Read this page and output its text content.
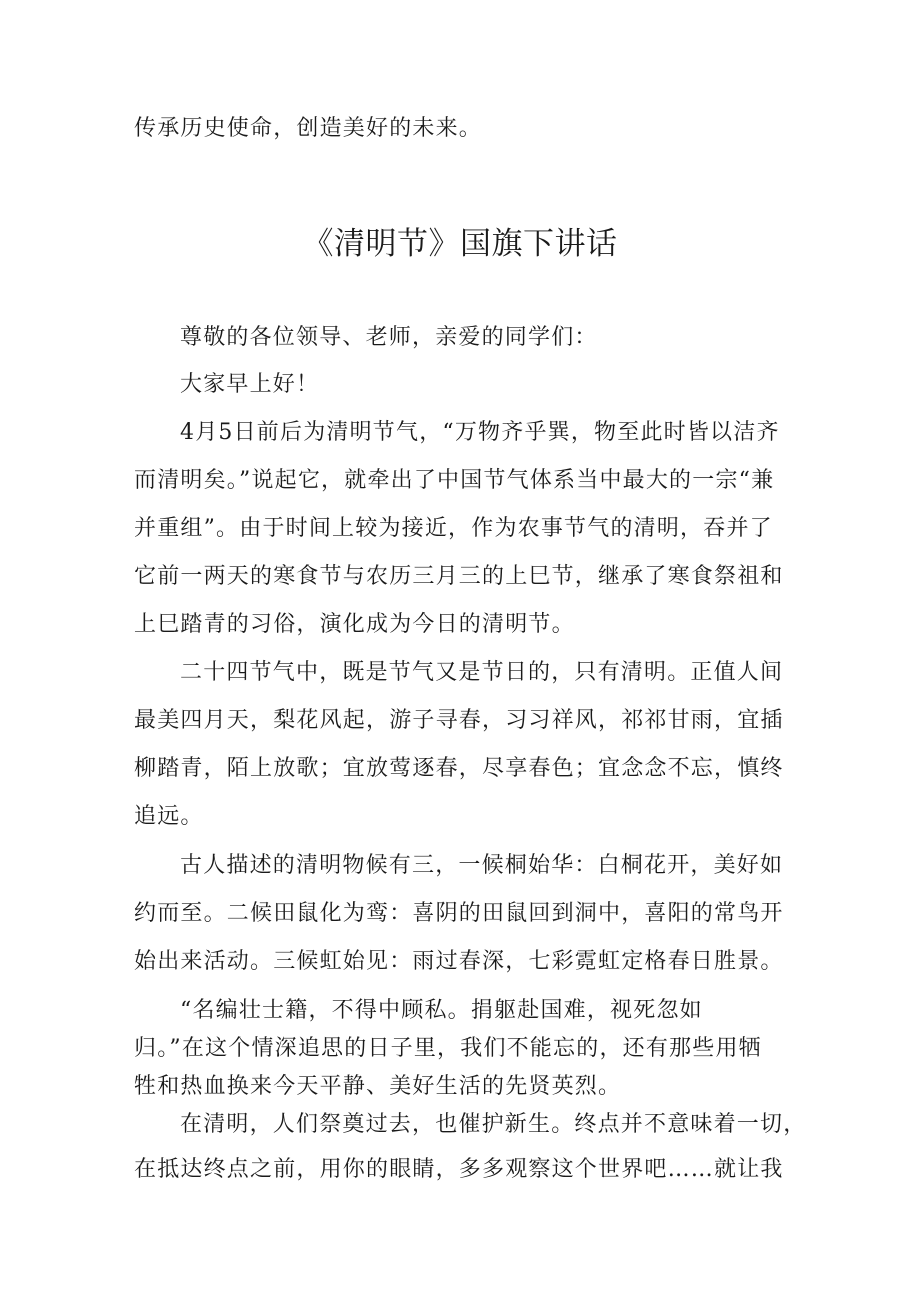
传承历史使命，创造美好的未来。
《清明节》国旗下讲话
尊敬的各位领导、老师，亲爱的同学们：
大家早上好！
4月5日前后为清明节气，“万物齐乎巽，物至此时皆以洁齐
而清明矣。”说起它，就牵出了中国节气体系当中最大的一宗“兼
并重组”。由于时间上较为接近，作为农事节气的清明，吞并了
它前一两天的寒食节与农历三月三的上巳节，继承了寒食祭祖和
上巳踏青的习俗，演化成为今日的清明节。
二十四节气中，既是节气又是节日的，只有清明。正值人间
最美四月天，梨花风起，游子寻春，习习祥风，祁祁甘雨，宜插
柳踏青，陌上放歌；宜放莺逐春，尽享春色；宜念念不忘，慎终
追远。
古人描述的清明物候有三，一候桐始华：白桐花开，美好如
约而至。二候田鼠化为鸾：喜阴的田鼠回到洞中，喜阳的常鸟开
始出来活动。三候虹始见：雨过春深，七彩霓虹定格春日胜景。
“名编壮士籍，不得中顾私。捐躯赴国难，视死忽如
归。”在这个情深追思的日子里，我们不能忘的，还有那些用牺
牲和热血换来今天平静、美好生活的先贤英烈。
在清明，人们祭奠过去，也催护新生。终点并不意味着一切，
在抵达终点之前，用你的眼睛，多多观察这个世界吧……就让我
